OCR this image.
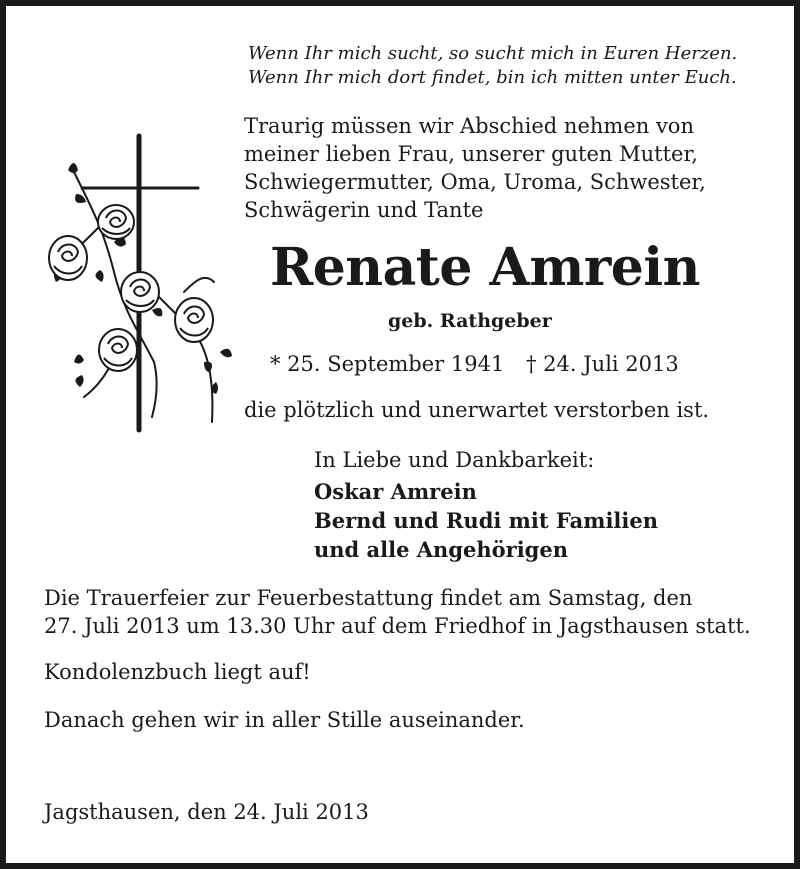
Wenn Ihr mich sucht, so sucht mich in Euren Herzen.
Wenn Ihr mich dort findet, bin ich mitten unter Euch.
Traurig müssen wir Abschied nehmen von
meiner lieben Frau, unserer guten Mutter,
Schwiegermutter, Oma, Uroma, Schwester,
Schwägerin und Tante
Renate Amrein
geb. Rathgeber
* 25. September 1941 † 24. Juli 2013
die plötzlich und unerwartet verstorben ist.
In Liebe und Dankbarkeit:
Oskar Amrein
Bernd und Rudi mit Familien
und alle Angehörigen
Die Trauerfeier zur Feuerbestattung findet am Samstag, den
27. Juli 2013 um 13.30 Uhr auf dem Friedhof in Jagsthausen statt.
Kondolenzbuch liegt auf!
Danach gehen wir in aller Stille auseinander.
Jagsthausen, den 24. Juli 2013
